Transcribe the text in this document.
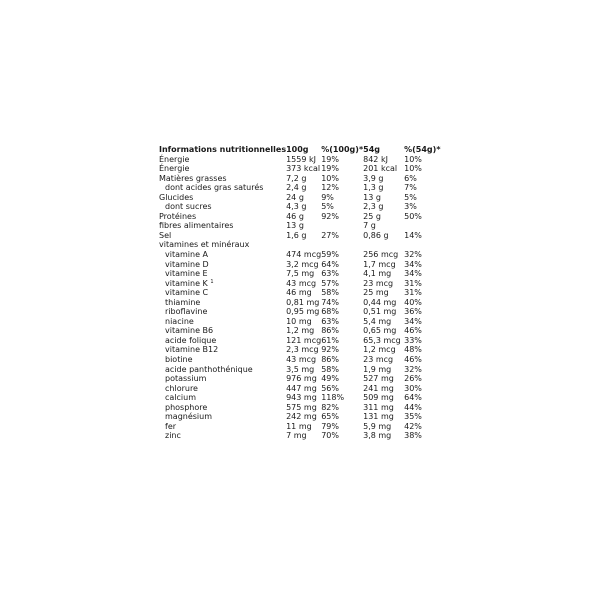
Informations nutritionnelles	100g	%(100g)*	54g	%(54g)*
Énergie	1559 kJ	19%	842 kJ	10%
Énergie	373 kcal	19%	201 kcal	10%
Matières grasses	7,2 g	10%	3,9 g	6%
dont acides gras saturés	2,4 g	12%	1,3 g	7%
Glucides	24 g	9%	13 g	5%
dont sucres	4,3 g	5%	2,3 g	3%
Protéines	46 g	92%	25 g	50%
fibres alimentaires	13 g		7 g	
Sel	1,6 g	27%	0,86 g	14%
vitamines et minéraux				
vitamine A	474 mcg	59%	256 mcg	32%
vitamine D	3,2 mcg	64%	1,7 mcg	34%
vitamine E	7,5 mg	63%	4,1 mg	34%
vitamine K $^1$	43 mcg	57%	23 mcg	31%
vitamine C	46 mg	58%	25 mg	31%
thiamine	0,81 mg	74%	0,44 mg	40%
riboflavine	0,95 mg	68%	0,51 mg	36%
niacine	10 mg	63%	5,4 mg	34%
vitamine B6	1,2 mg	86%	0,65 mg	46%
acide folique	121 mcg	61%	65,3 mcg	33%
vitamine B12	2,3 mcg	92%	1,2 mcg	48%
biotine	43 mcg	86%	23 mcg	46%
acide panthothénique	3,5 mg	58%	1,9 mg	32%
potassium	976 mg	49%	527 mg	26%
chlorure	447 mg	56%	241 mg	30%
calcium	943 mg	118%	509 mg	64%
phosphore	575 mg	82%	311 mg	44%
magnésium	242 mg	65%	131 mg	35%
fer	11 mg	79%	5,9 mg	42%
zinc	7 mg	70%	3,8 mg	38%
